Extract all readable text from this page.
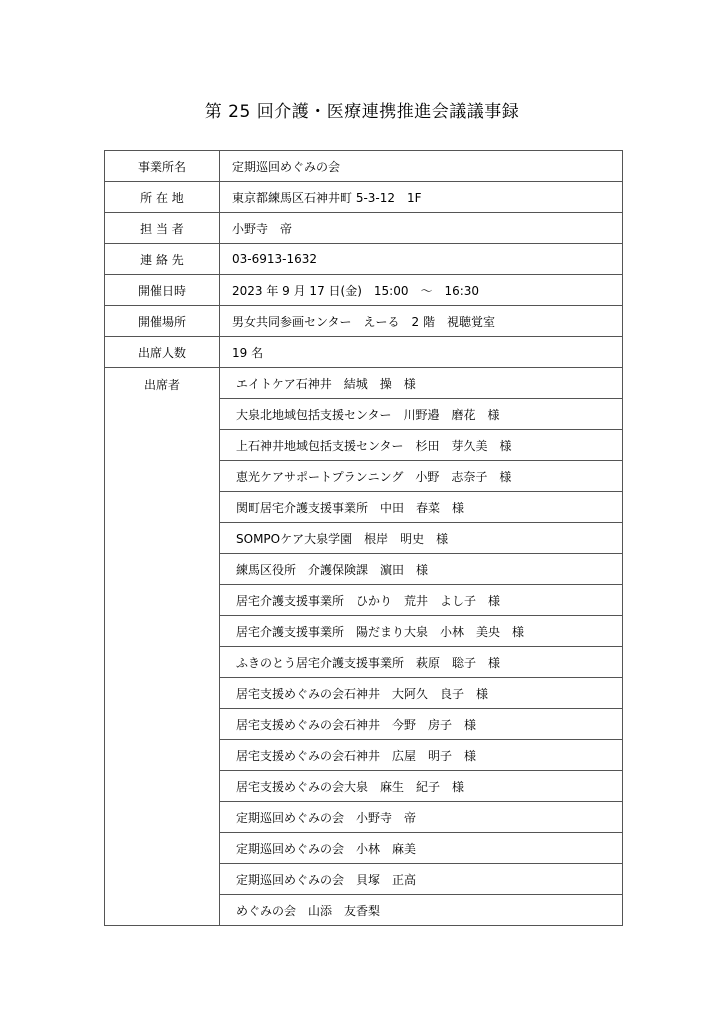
第 25 回介護・医療連携推進会議議事録
事業所名	定期巡回めぐみの会
所 在 地	東京都練馬区石神井町 5-3-12　1F
担 当 者	小野寺　帝
連 絡 先	03-6913-1632
開催日時	2023 年 9 月 17 日(金)　15:00　～　16:30
開催場所	男女共同参画センター　えーる　2 階　視聴覚室
出席人数	19 名
出席者	エイトケア石神井　結城　操　様
	大泉北地域包括支援センター　川野邉　磨花　様
	上石神井地域包括支援センター　杉田　芽久美　様
	恵光ケアサポートプランニング　小野　志奈子　様
	関町居宅介護支援事業所　中田　春菜　様
	SOMPOケア大泉学園　根岸　明史　様
	練馬区役所　介護保険課　濵田　様
	居宅介護支援事業所　ひかり　荒井　よし子　様
	居宅介護支援事業所　陽だまり大泉　小林　美央　様
	ふきのとう居宅介護支援事業所　萩原　聡子　様
	居宅支援めぐみの会石神井　大阿久　良子　様
	居宅支援めぐみの会石神井　今野　房子　様
	居宅支援めぐみの会石神井　広屋　明子　様
	居宅支援めぐみの会大泉　麻生　紀子　様
	定期巡回めぐみの会　小野寺　帝
	定期巡回めぐみの会　小林　麻美
	定期巡回めぐみの会　貝塚　正高
	めぐみの会　山添　友香梨
